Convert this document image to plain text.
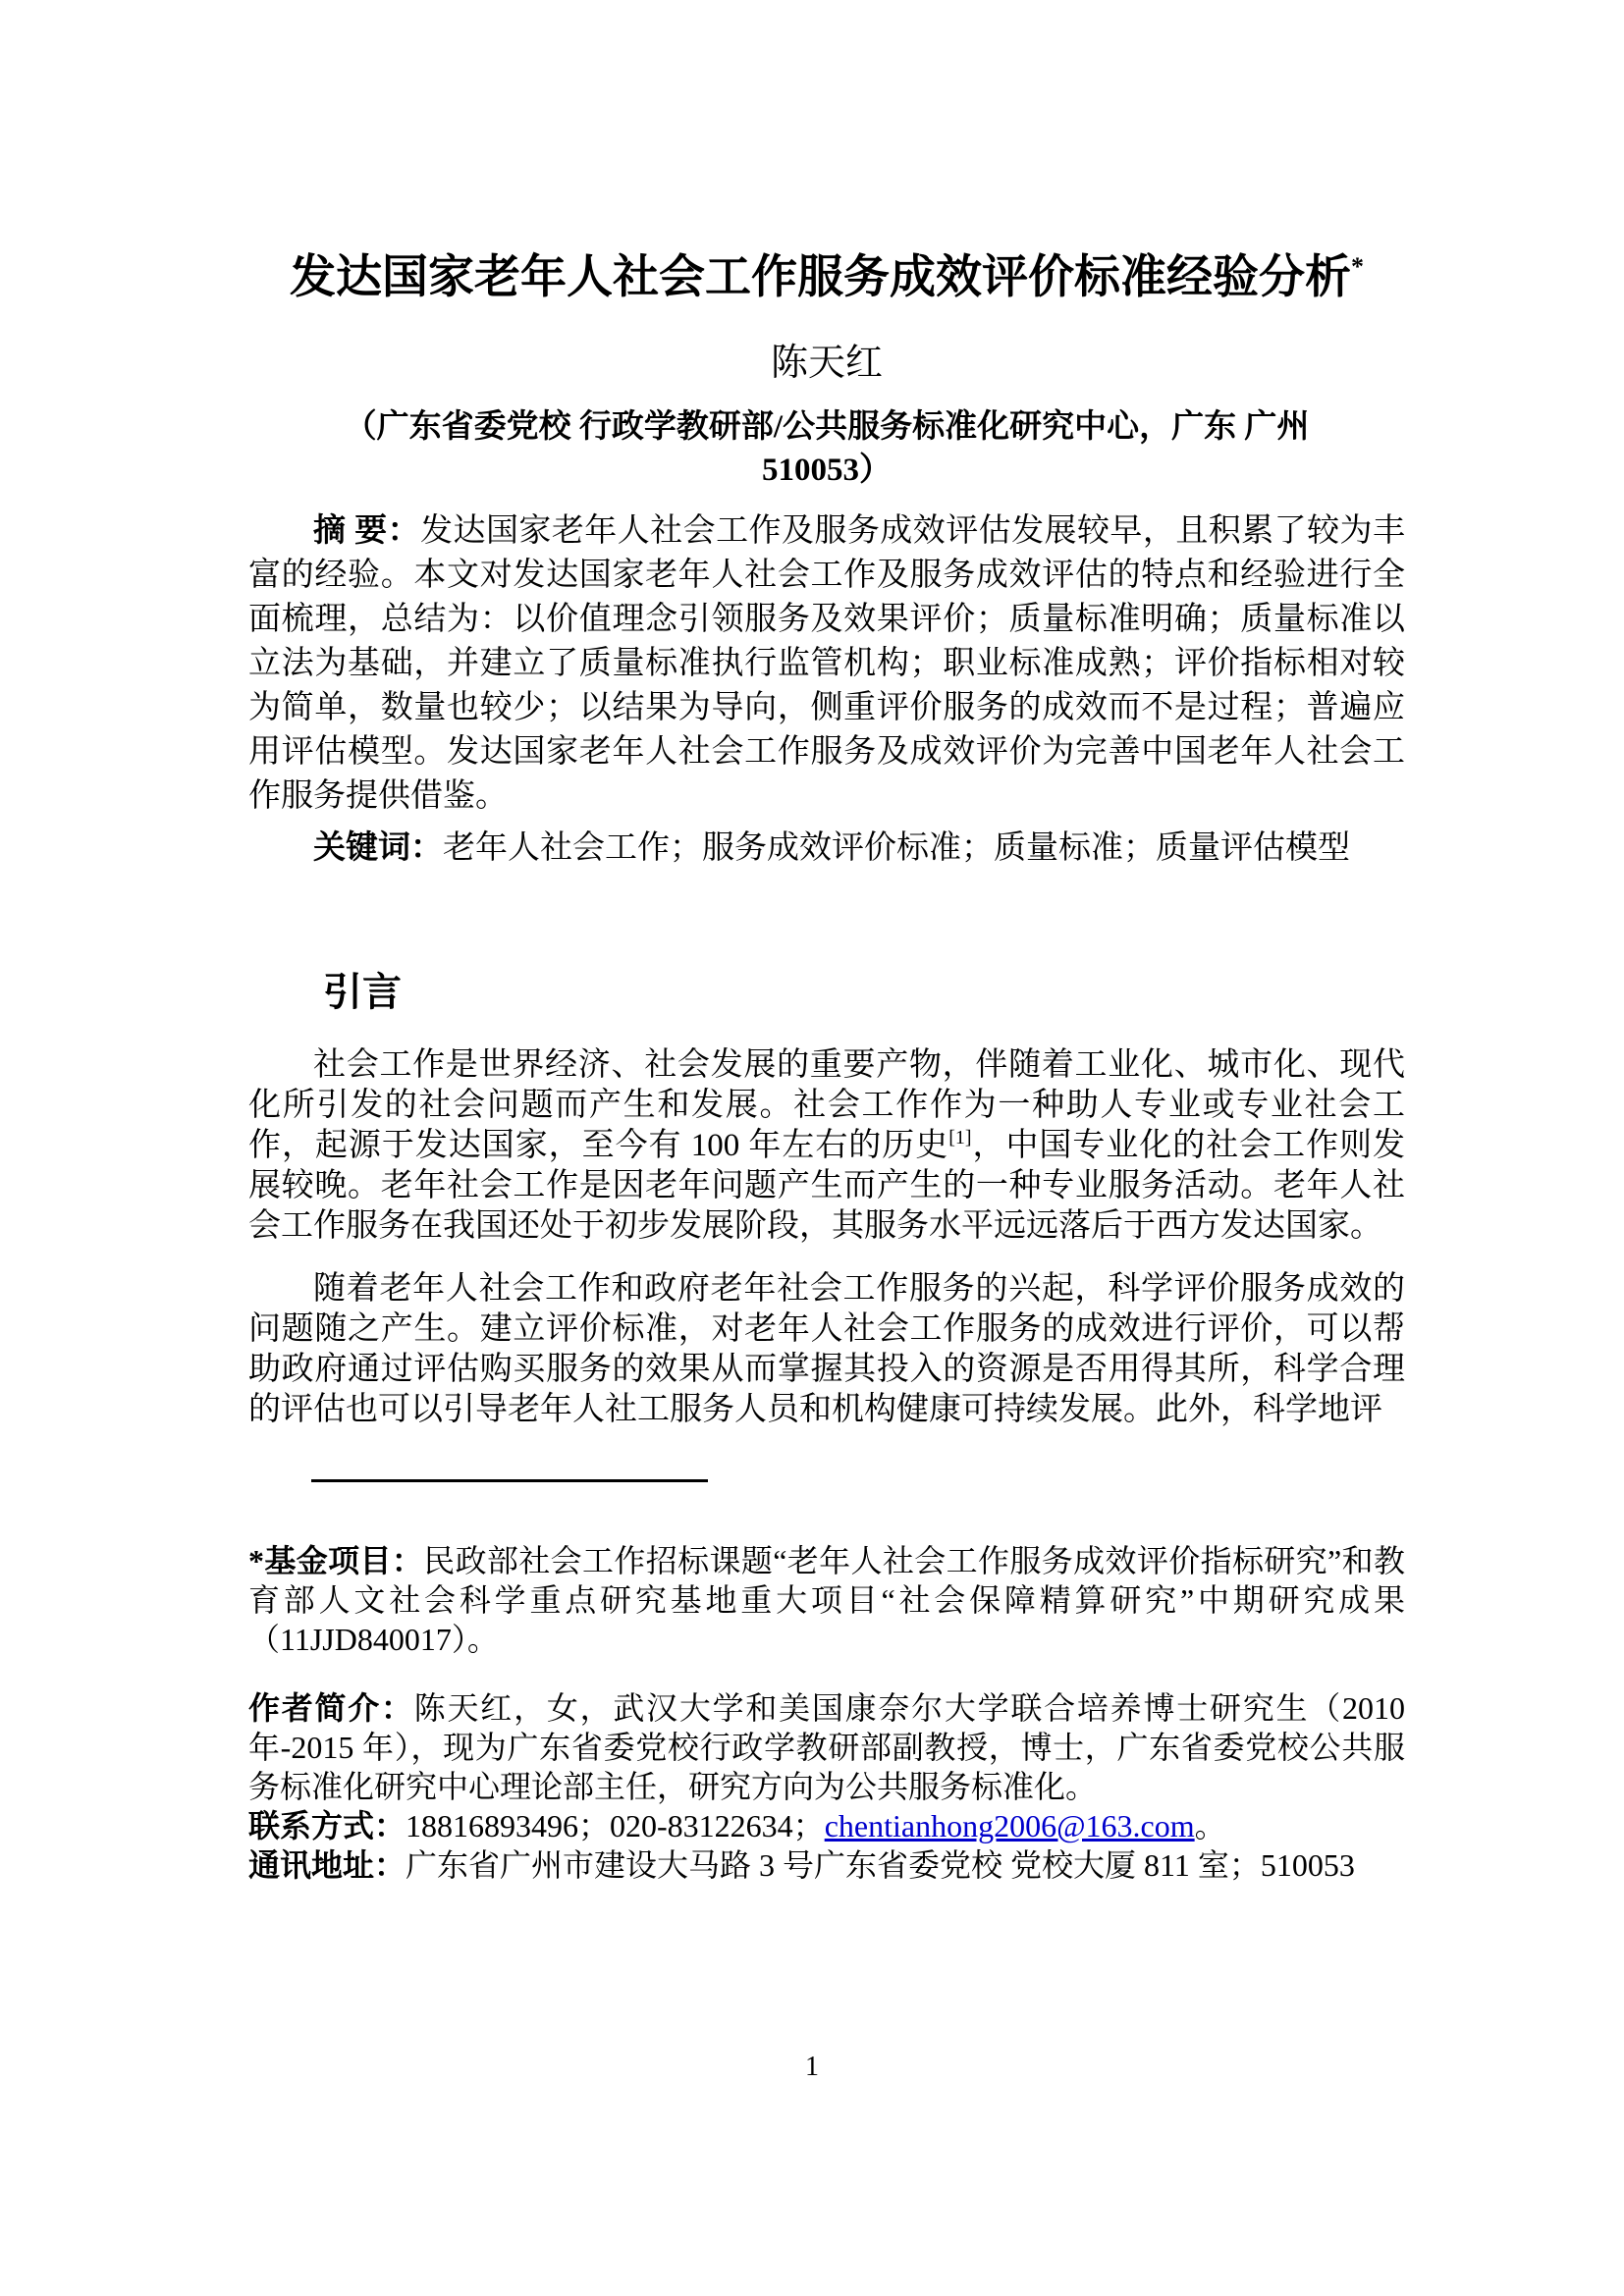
发达国家老年人社会工作服务成效评价标准经验分析*
陈天红
（广东省委党校 行政学教研部/公共服务标准化研究中心，广东 广州
510053）

摘 要：发达国家老年人社会工作及服务成效评估发展较早，且积累了较为丰富的经验。本文对发达国家老年人社会工作及服务成效评估的特点和经验进行全面梳理，总结为：以价值理念引领服务及效果评价；质量标准明确；质量标准以立法为基础，并建立了质量标准执行监管机构；职业标准成熟；评价指标相对较为简单，数量也较少；以结果为导向，侧重评价服务的成效而不是过程；普遍应用评估模型。发达国家老年人社会工作服务及成效评价为完善中国老年人社会工作服务提供借鉴。

关键词：老年人社会工作；服务成效评价标准；质量标准；质量评估模型

引言

社会工作是世界经济、社会发展的重要产物，伴随着工业化、城市化、现代化所引发的社会问题而产生和发展。社会工作作为一种助人专业或专业社会工作，起源于发达国家，至今有 100 年左右的历史[1]，中国专业化的社会工作则发展较晚。老年社会工作是因老年问题产生而产生的一种专业服务活动。老年人社会工作服务在我国还处于初步发展阶段，其服务水平远远落后于西方发达国家。

随着老年人社会工作和政府老年社会工作服务的兴起，科学评价服务成效的问题随之产生。建立评价标准，对老年人社会工作服务的成效进行评价，可以帮助政府通过评估购买服务的效果从而掌握其投入的资源是否用得其所，科学合理的评估也可以引导老年人社工服务人员和机构健康可持续发展。此外，科学地评

*基金项目：民政部社会工作招标课题“老年人社会工作服务成效评价指标研究”和教育部人文社会科学重点研究基地重大项目“社会保障精算研究”中期研究成果（11JJD840017）。

作者简介：陈天红，女，武汉大学和美国康奈尔大学联合培养博士研究生（2010 年-2015 年），现为广东省委党校行政学教研部副教授，博士，广东省委党校公共服务标准化研究中心理论部主任，研究方向为公共服务标准化。

联系方式：18816893496；020-83122634；chentianhong2006@163.com。

通讯地址：广东省广州市建设大马路 3 号广东省委党校 党校大厦 811 室；510053

1
